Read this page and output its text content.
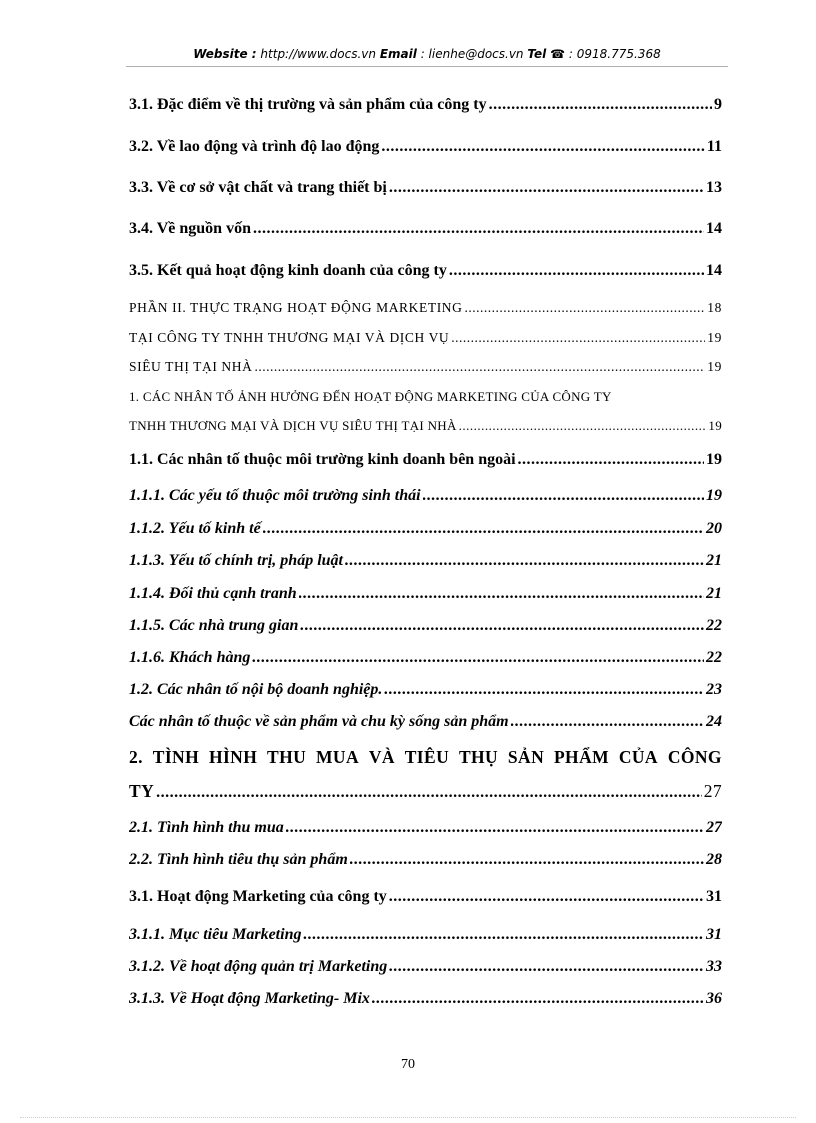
Website : http://www.docs.vn Email : lienhe@docs.vn Tel ☎ : 0918.775.368
3.1. Đặc điểm về thị trường và sản phẩm của công ty .....	9
3.2. Về lao động và trình độ lao động .....	11
3.3. Về cơ sở vật chất và trang thiết bị .....	13
3.4. Về nguồn vốn .....	14
3.5. Kết quả hoạt động kinh doanh của công ty .....	14
PHẦN II. THỰC TRẠNG HOẠT ĐỘNG MARKETING .....	18
TẠI CÔNG TY TNHH THƯƠNG MẠI VÀ DỊCH VỤ .....	19
SIÊU THỊ TẠI NHÀ .....	19
1. CÁC NHÂN TỐ ẢNH HƯỞNG ĐẾN HOẠT ĐỘNG MARKETING CỦA CÔNG TY
TNHH THƯƠNG MẠI VÀ DỊCH VỤ SIÊU THỊ TẠI NHÀ .....	19
1.1. Các nhân tố thuộc môi trường kinh doanh bên ngoài .....	19
1.1.1. Các yếu tố thuộc môi trường sinh thái .....	19
1.1.2. Yếu tố kinh tế .....	20
1.1.3. Yếu tố chính trị, pháp luật .....	21
1.1.4. Đối thủ cạnh tranh .....	21
1.1.5. Các nhà trung gian .....	22
1.1.6. Khách hàng .....	22
1.2. Các nhân tố nội bộ doanh nghiệp. .....	23
Các nhân tố thuộc về sản phẩm và chu kỳ sống sản phẩm .....	24
2. TÌNH HÌNH THU MUA VÀ TIÊU THỤ SẢN PHẨM CỦA CÔNG
TY .....	27
2.1. Tình hình thu mua .....	27
2.2. Tình hình tiêu thụ sản phẩm .....	28
3.1. Hoạt động Marketing của công ty .....	31
3.1.1. Mục tiêu Marketing .....	31
3.1.2. Về hoạt động quản trị Marketing .....	33
3.1.3. Về Hoạt động Marketing- Mix .....	36
70
